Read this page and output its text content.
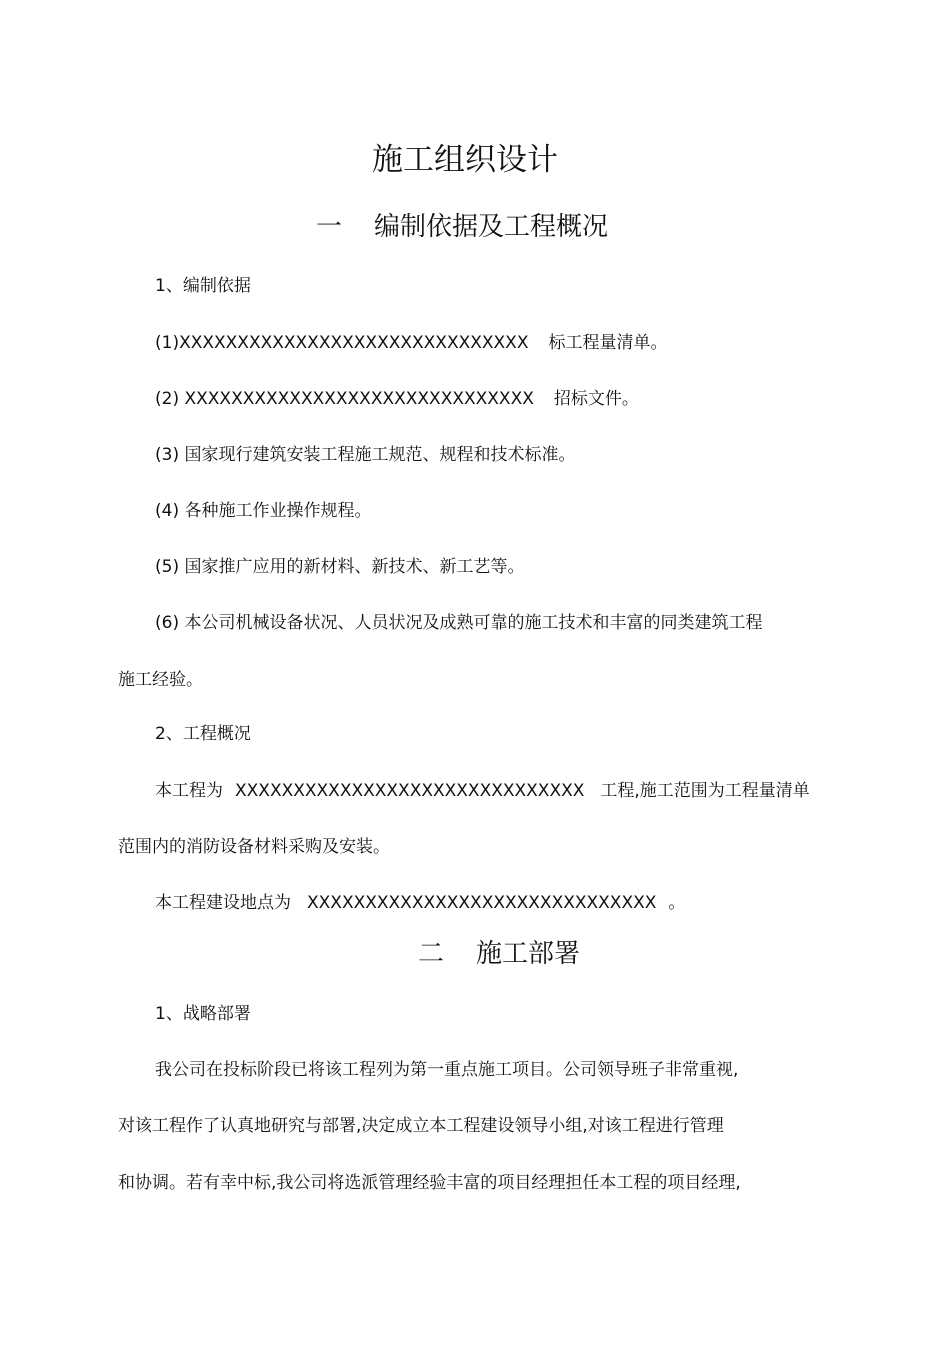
施工组织设计
一 编制依据及工程概况
1、编制依据
(1)XXXXXXXXXXXXXXXXXXXXXXXXXXXXXX 标工程量清单。
(2) XXXXXXXXXXXXXXXXXXXXXXXXXXXXXX 招标文件。
(3) 国家现行建筑安装工程施工规范、规程和技术标准。
(4) 各种施工作业操作规程。
(5) 国家推广应用的新材料、新技术、新工艺等。
(6) 本公司机械设备状况、人员状况及成熟可靠的施工技术和丰富的同类建筑工程
施工经验。
2、工程概况
本工程为 XXXXXXXXXXXXXXXXXXXXXXXXXXXXXX 工程,施工范围为工程量清单
范围内的消防设备材料采购及安装。
本工程建设地点为 XXXXXXXXXXXXXXXXXXXXXXXXXXXXXX 。
二 施工部署
1、战略部署
我公司在投标阶段已将该工程列为第一重点施工项目。公司领导班子非常重视,
对该工程作了认真地研究与部署,决定成立本工程建设领导小组,对该工程进行管理
和协调。若有幸中标,我公司将选派管理经验丰富的项目经理担任本工程的项目经理,
